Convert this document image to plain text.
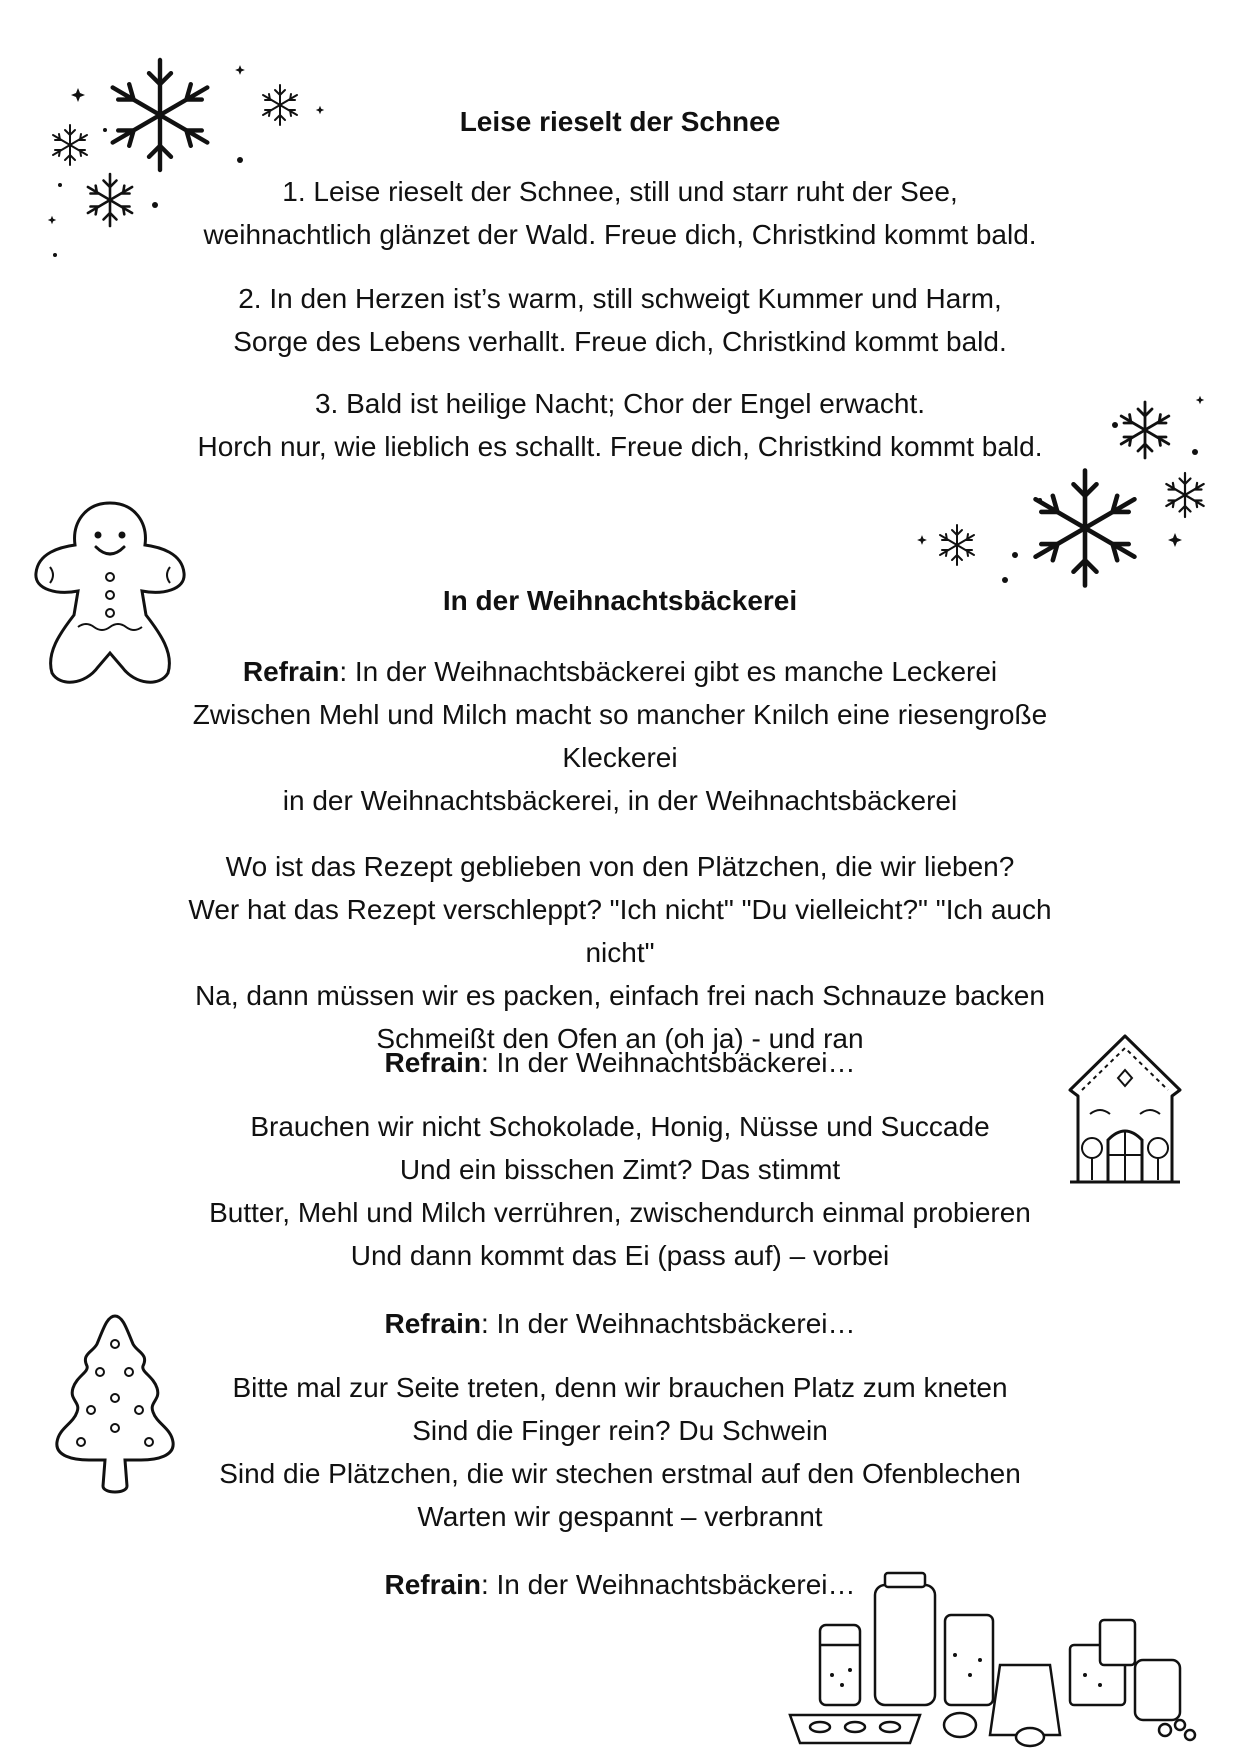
Leise rieselt der Schnee
1. Leise rieselt der Schnee, still und starr ruht der See,
weihnachtlich glänzet der Wald. Freue dich, Christkind kommt bald.
2. In den Herzen ist’s warm, still schweigt Kummer und Harm,
Sorge des Lebens verhallt. Freue dich, Christkind kommt bald.
3. Bald ist heilige Nacht; Chor der Engel erwacht.
Horch nur, wie lieblich es schallt. Freue dich, Christkind kommt bald.
In der Weihnachtsbäckerei
Refrain: In der Weihnachtsbäckerei gibt es manche Leckerei
Zwischen Mehl und Milch macht so mancher Knilch eine riesengroße
Kleckerei
in der Weihnachtsbäckerei, in der Weihnachtsbäckerei
Wo ist das Rezept geblieben von den Plätzchen, die wir lieben?
Wer hat das Rezept verschleppt? "Ich nicht" "Du vielleicht?" "Ich auch nicht"
Na, dann müssen wir es packen, einfach frei nach Schnauze backen
Schmeißt den Ofen an (oh ja) - und ran
Refrain: In der Weihnachtsbäckerei…
Brauchen wir nicht Schokolade, Honig, Nüsse und Succade
Und ein bisschen Zimt? Das stimmt
Butter, Mehl und Milch verrühren, zwischendurch einmal probieren
Und dann kommt das Ei (pass auf) – vorbei
Refrain: In der Weihnachtsbäckerei…
Bitte mal zur Seite treten, denn wir brauchen Platz zum kneten
Sind die Finger rein? Du Schwein
Sind die Plätzchen, die wir stechen erstmal auf den Ofenblechen
Warten wir gespannt – verbrannt
Refrain: In der Weihnachtsbäckerei…
